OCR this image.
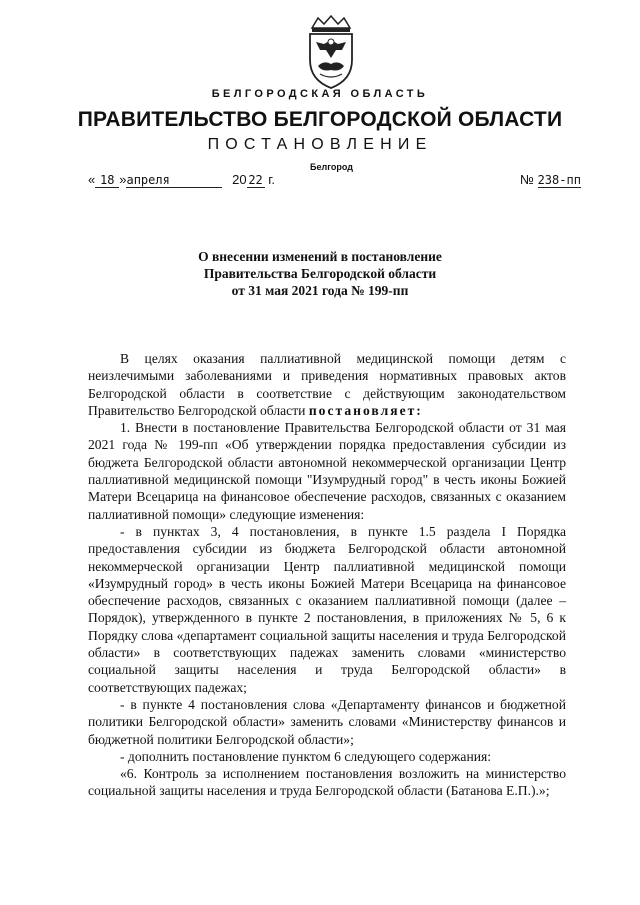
БЕЛГОРОДСКАЯ ОБЛАСТЬ
ПРАВИТЕЛЬСТВО БЕЛГОРОДСКОЙ ОБЛАСТИ
ПОСТАНОВЛЕНИЕ
Белгород
« 18 »апреля	20 22 г.	№ 238-пп
О внесении изменений в постановление
Правительства Белгородской области
от 31 мая 2021 года № 199-пп

В целях оказания паллиативной медицинской помощи детям с неизлечимыми заболеваниями и приведения нормативных правовых актов Белгородской области в соответствие с действующим законодательством Правительство Белгородской области постановляет:

1. Внести в постановление Правительства Белгородской области от 31 мая 2021 года № 199-пп «Об утверждении порядка предоставления субсидии из бюджета Белгородской области автономной некоммерческой организации Центр паллиативной медицинской помощи "Изумрудный город" в честь иконы Божией Матери Всецарица на финансовое обеспечение расходов, связанных с оказанием паллиативной помощи» следующие изменения:

- в пунктах 3, 4 постановления, в пункте 1.5 раздела I Порядка предоставления субсидии из бюджета Белгородской области автономной некоммерческой организации Центр паллиативной медицинской помощи «Изумрудный город» в честь иконы Божией Матери Всецарица на финансовое обеспечение расходов, связанных с оказанием паллиативной помощи (далее – Порядок), утвержденного в пункте 2 постановления, в приложениях № 5, 6 к Порядку слова «департамент социальной защиты населения и труда Белгородской области» в соответствующих падежах заменить словами «министерство социальной защиты населения и труда Белгородской области» в соответствующих падежах;

- в пункте 4 постановления слова «Департаменту финансов и бюджетной политики Белгородской области» заменить словами «Министерству финансов и бюджетной политики Белгородской области»;

- дополнить постановление пунктом 6 следующего содержания:

«6. Контроль за исполнением постановления возложить на министерство социальной защиты населения и труда Белгородской области (Батанова Е.П.).»;
